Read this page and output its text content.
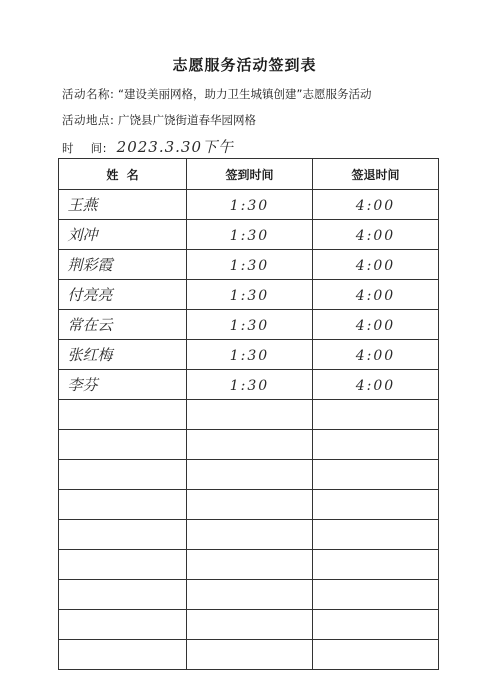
志愿服务活动签到表
活动名称: “建设美丽网格，助力卫生城镇创建”志愿服务活动
活动地点: 广饶县广饶街道春华园网格
时    间: 2023.3.30下午
姓  名	签到时间	签退时间
王燕	1:30	4:00
刘冲	1:30	4:00
荆彩霞	1:30	4:00
付亮亮	1:30	4:00
常在云	1:30	4:00
张红梅	1:30	4:00
李芬	1:30	4:00
